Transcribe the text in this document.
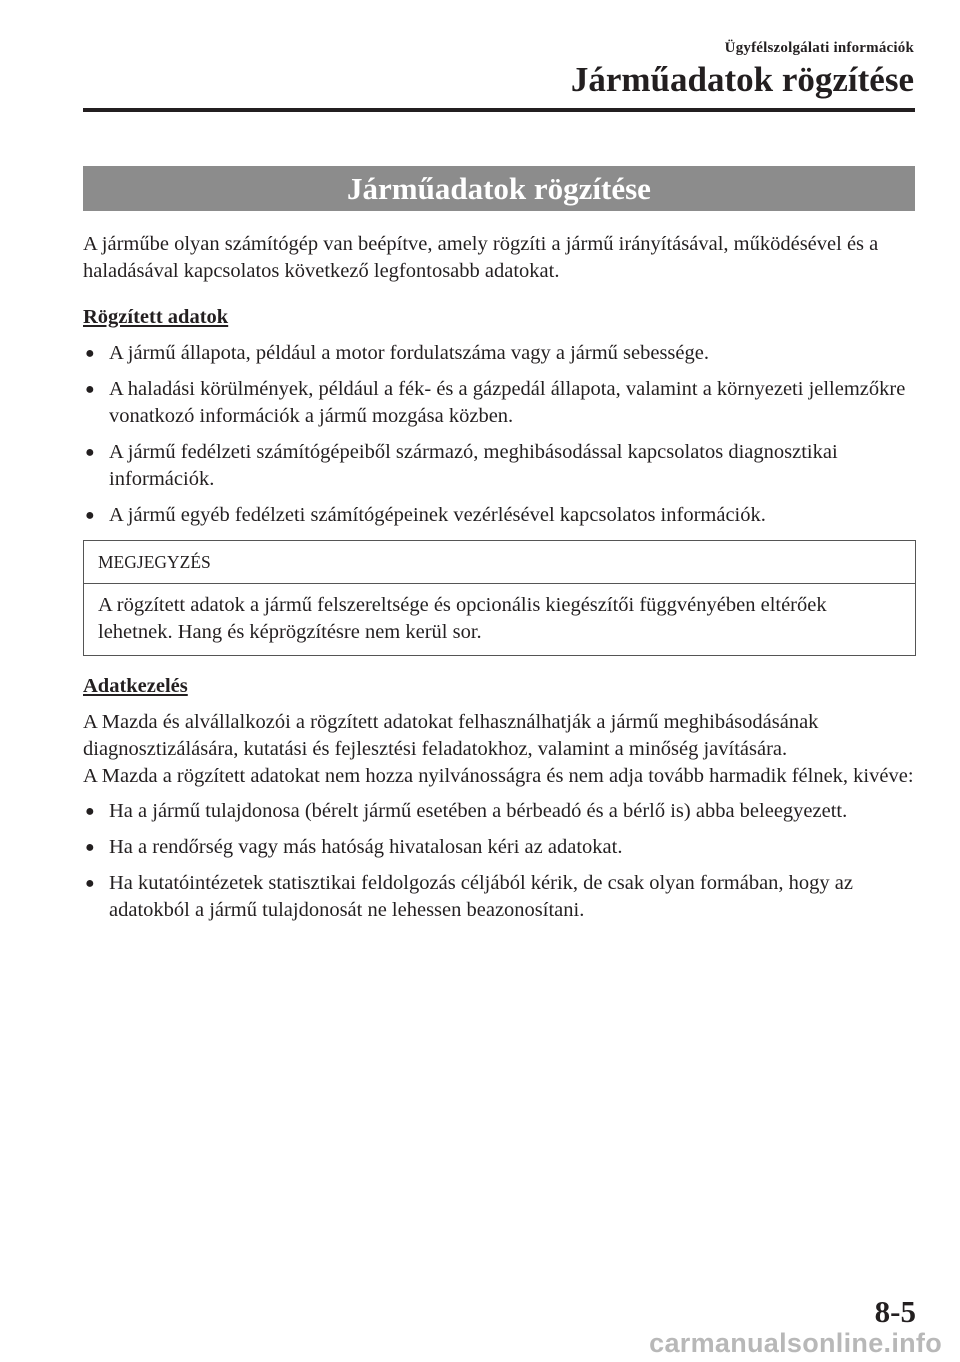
Ügyfélszolgálati információk
Járműadatok rögzítése
Járműadatok rögzítése

A járműbe olyan számítógép van beépítve, amely rögzíti a jármű irányításával, működésével és a haladásával kapcsolatos következő legfontosabb adatokat.

Rögzített adatok

● A jármű állapota, például a motor fordulatszáma vagy a jármű sebessége.
● A haladási körülmények, például a fék- és a gázpedál állapota, valamint a környezeti jellemzőkre vonatkozó információk a jármű mozgása közben.
● A jármű fedélzeti számítógépeiből származó, meghibásodással kapcsolatos diagnosztikai információk.
● A jármű egyéb fedélzeti számítógépeinek vezérlésével kapcsolatos információk.
MEGJEGYZÉS

A rögzített adatok a jármű felszereltsége és opcionális kiegészítői függvényében eltérőek lehetnek. Hang és képrögzítésre nem kerül sor.

Adatkezelés

A Mazda és alvállalkozói a rögzített adatokat felhasználhatják a jármű meghibásodásának diagnosztizálására, kutatási és fejlesztési feladatokhoz, valamint a minőség javítására.

A Mazda a rögzített adatokat nem hozza nyilvánosságra és nem adja tovább harmadik félnek, kivéve:

● Ha a jármű tulajdonosa (bérelt jármű esetében a bérbeadó és a bérlő is) abba beleegyezett.
● Ha a rendőrség vagy más hatóság hivatalosan kéri az adatokat.
● Ha kutatóintézetek statisztikai feldolgozás céljából kérik, de csak olyan formában, hogy az adatokból a jármű tulajdonosát ne lehessen beazonosítani.
8-5
carmanualsonline.info
